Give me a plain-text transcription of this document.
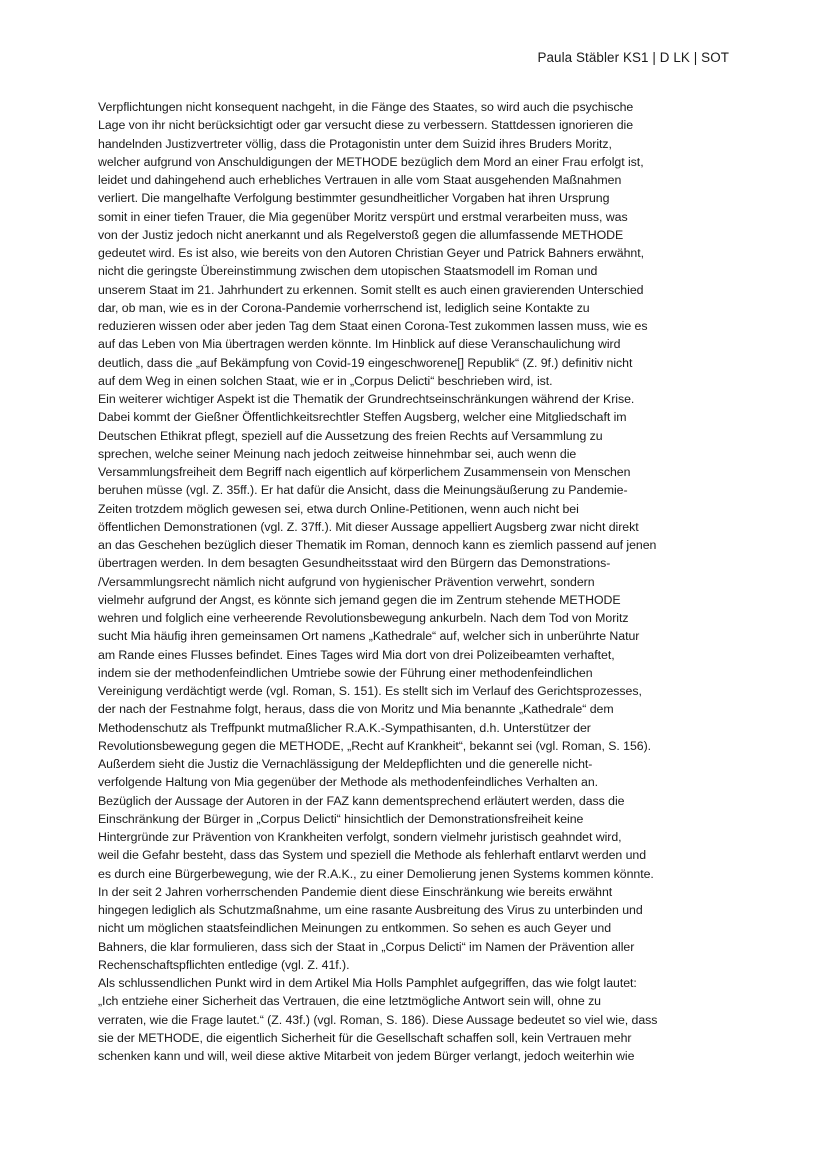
Paula Stäbler KS1 | D LK | SOT
Verpflichtungen nicht konsequent nachgeht, in die Fänge des Staates, so wird auch die psychische
Lage von ihr nicht berücksichtigt oder gar versucht diese zu verbessern. Stattdessen ignorieren die
handelnden Justizvertreter völlig, dass die Protagonistin unter dem Suizid ihres Bruders Moritz,
welcher aufgrund von Anschuldigungen der METHODE bezüglich dem Mord an einer Frau erfolgt ist,
leidet und dahingehend auch erhebliches Vertrauen in alle vom Staat ausgehenden Maßnahmen
verliert. Die mangelhafte Verfolgung bestimmter gesundheitlicher Vorgaben hat ihren Ursprung
somit in einer tiefen Trauer, die Mia gegenüber Moritz verspürt und erstmal verarbeiten muss, was
von der Justiz jedoch nicht anerkannt und als Regelverstoß gegen die allumfassende METHODE
gedeutet wird. Es ist also, wie bereits von den Autoren Christian Geyer und Patrick Bahners erwähnt,
nicht die geringste Übereinstimmung zwischen dem utopischen Staatsmodell im Roman und
unserem Staat im 21. Jahrhundert zu erkennen. Somit stellt es auch einen gravierenden Unterschied
dar, ob man, wie es in der Corona-Pandemie vorherrschend ist, lediglich seine Kontakte zu
reduzieren wissen oder aber jeden Tag dem Staat einen Corona-Test zukommen lassen muss, wie es
auf das Leben von Mia übertragen werden könnte. Im Hinblick auf diese Veranschaulichung wird
deutlich, dass die „auf Bekämpfung von Covid-19 eingeschworene[] Republik“ (Z. 9f.) definitiv nicht
auf dem Weg in einen solchen Staat, wie er in „Corpus Delicti“ beschrieben wird, ist.
Ein weiterer wichtiger Aspekt ist die Thematik der Grundrechtseinschränkungen während der Krise.
Dabei kommt der Gießner Öffentlichkeitsrechtler Steffen Augsberg, welcher eine Mitgliedschaft im
Deutschen Ethikrat pflegt, speziell auf die Aussetzung des freien Rechts auf Versammlung zu
sprechen, welche seiner Meinung nach jedoch zeitweise hinnehmbar sei, auch wenn die
Versammlungsfreiheit dem Begriff nach eigentlich auf körperlichem Zusammensein von Menschen
beruhen müsse (vgl. Z. 35ff.). Er hat dafür die Ansicht, dass die Meinungsäußerung zu Pandemie-
Zeiten trotzdem möglich gewesen sei, etwa durch Online-Petitionen, wenn auch nicht bei
öffentlichen Demonstrationen (vgl. Z. 37ff.). Mit dieser Aussage appelliert Augsberg zwar nicht direkt
an das Geschehen bezüglich dieser Thematik im Roman, dennoch kann es ziemlich passend auf jenen
übertragen werden. In dem besagten Gesundheitsstaat wird den Bürgern das Demonstrations-
/Versammlungsrecht nämlich nicht aufgrund von hygienischer Prävention verwehrt, sondern
vielmehr aufgrund der Angst, es könnte sich jemand gegen die im Zentrum stehende METHODE
wehren und folglich eine verheerende Revolutionsbewegung ankurbeln. Nach dem Tod von Moritz
sucht Mia häufig ihren gemeinsamen Ort namens „Kathedrale“ auf, welcher sich in unberührte Natur
am Rande eines Flusses befindet. Eines Tages wird Mia dort von drei Polizeibeamten verhaftet,
indem sie der methodenfeindlichen Umtriebe sowie der Führung einer methodenfeindlichen
Vereinigung verdächtigt werde (vgl. Roman, S. 151). Es stellt sich im Verlauf des Gerichtsprozesses,
der nach der Festnahme folgt, heraus, dass die von Moritz und Mia benannte „Kathedrale“ dem
Methodenschutz als Treffpunkt mutmaßlicher R.A.K.-Sympathisanten, d.h. Unterstützer der
Revolutionsbewegung gegen die METHODE, „Recht auf Krankheit“, bekannt sei (vgl. Roman, S. 156).
Außerdem sieht die Justiz die Vernachlässigung der Meldepflichten und die generelle nicht-
verfolgende Haltung von Mia gegenüber der Methode als methodenfeindliches Verhalten an.
Bezüglich der Aussage der Autoren in der FAZ kann dementsprechend erläutert werden, dass die
Einschränkung der Bürger in „Corpus Delicti“ hinsichtlich der Demonstrationsfreiheit keine
Hintergründe zur Prävention von Krankheiten verfolgt, sondern vielmehr juristisch geahndet wird,
weil die Gefahr besteht, dass das System und speziell die Methode als fehlerhaft entlarvt werden und
es durch eine Bürgerbewegung, wie der R.A.K., zu einer Demolierung jenen Systems kommen könnte.
In der seit 2 Jahren vorherrschenden Pandemie dient diese Einschränkung wie bereits erwähnt
hingegen lediglich als Schutzmaßnahme, um eine rasante Ausbreitung des Virus zu unterbinden und
nicht um möglichen staatsfeindlichen Meinungen zu entkommen. So sehen es auch Geyer und
Bahners, die klar formulieren, dass sich der Staat in „Corpus Delicti“ im Namen der Prävention aller
Rechenschaftspflichten entledige (vgl. Z. 41f.).
Als schlussendlichen Punkt wird in dem Artikel Mia Holls Pamphlet aufgegriffen, das wie folgt lautet:
„Ich entziehe einer Sicherheit das Vertrauen, die eine letztmögliche Antwort sein will, ohne zu
verraten, wie die Frage lautet.“ (Z. 43f.) (vgl. Roman, S. 186). Diese Aussage bedeutet so viel wie, dass
sie der METHODE, die eigentlich Sicherheit für die Gesellschaft schaffen soll, kein Vertrauen mehr
schenken kann und will, weil diese aktive Mitarbeit von jedem Bürger verlangt, jedoch weiterhin wie
